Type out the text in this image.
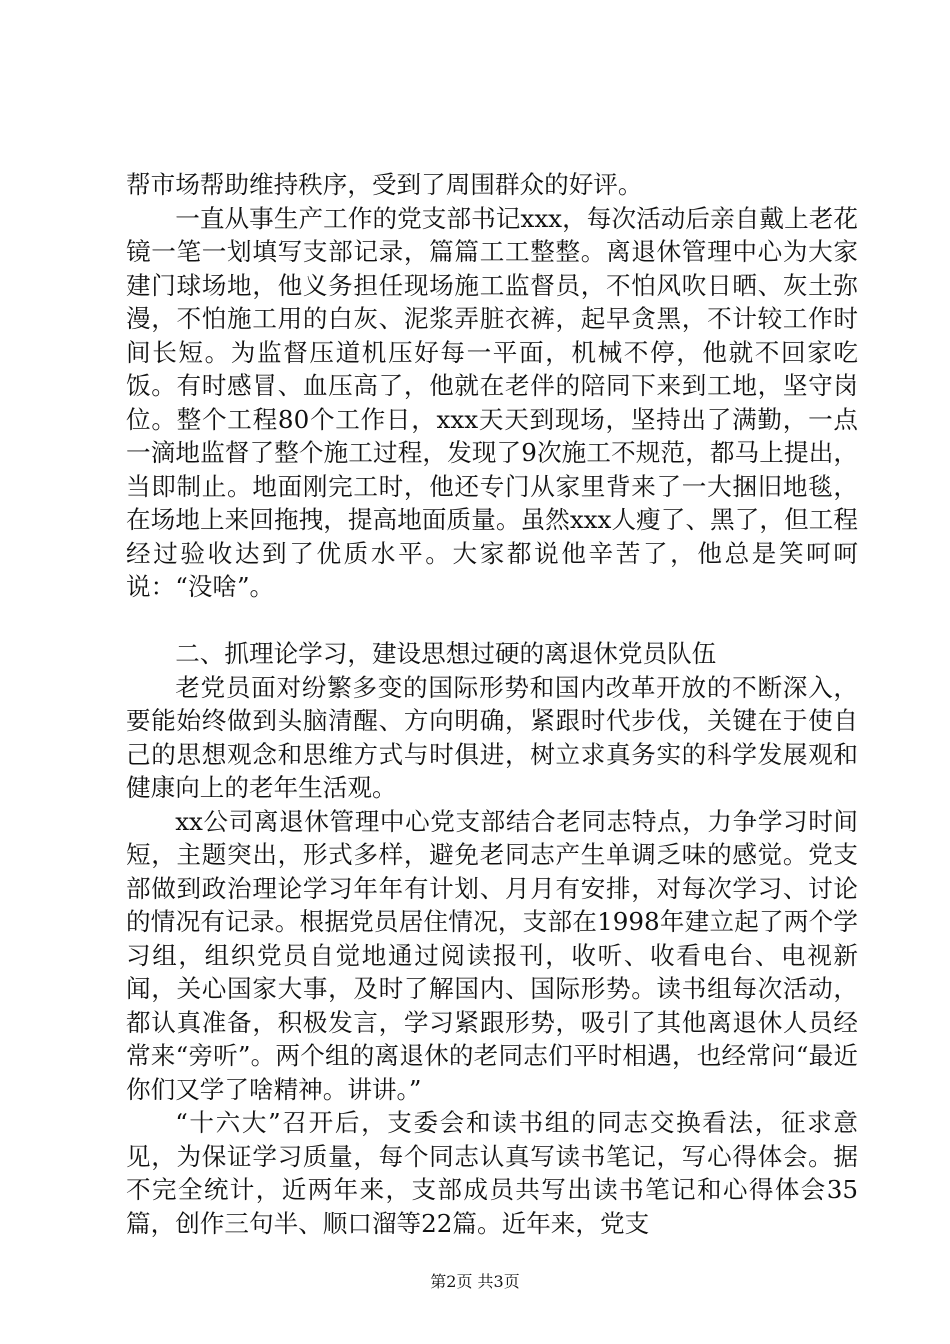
帮市场帮助维持秩序，受到了周围群众的好评。

一直从事生产工作的党支部书记xxx，每次活动后亲自戴上老花镜一笔一划填写支部记录，篇篇工工整整。离退休管理中心为大家建门球场地，他义务担任现场施工监督员，不怕风吹日晒、灰土弥漫，不怕施工用的白灰、泥浆弄脏衣裤，起早贪黑，不计较工作时间长短。为监督压道机压好每一平面，机械不停，他就不回家吃饭。有时感冒、血压高了，他就在老伴的陪同下来到工地，坚守岗位。整个工程80个工作日，xxx天天到现场，坚持出了满勤，一点一滴地监督了整个施工过程，发现了9次施工不规范，都马上提出，当即制止。地面刚完工时，他还专门从家里背来了一大捆旧地毯，在场地上来回拖拽，提高地面质量。虽然xxx人瘦了、黑了，但工程经过验收达到了优质水平。大家都说他辛苦了，他总是笑呵呵说：“没啥”。

二、抓理论学习，建设思想过硬的离退休党员队伍

老党员面对纷繁多变的国际形势和国内改革开放的不断深入，要能始终做到头脑清醒、方向明确，紧跟时代步伐，关键在于使自己的思想观念和思维方式与时俱进，树立求真务实的科学发展观和健康向上的老年生活观。

xx公司离退休管理中心党支部结合老同志特点，力争学习时间短，主题突出，形式多样，避免老同志产生单调乏味的感觉。党支部做到政治理论学习年年有计划、月月有安排，对每次学习、讨论的情况有记录。根据党员居住情况，支部在1998年建立起了两个学习组，组织党员自觉地通过阅读报刊，收听、收看电台、电视新闻，关心国家大事，及时了解国内、国际形势。读书组每次活动，都认真准备，积极发言，学习紧跟形势，吸引了其他离退休人员经常来“旁听”。两个组的离退休的老同志们平时相遇，也经常问“最近你们又学了啥精神。讲讲。”

“十六大”召开后，支委会和读书组的同志交换看法，征求意见，为保证学习质量，每个同志认真写读书笔记，写心得体会。据不完全统计，近两年来，支部成员共写出读书笔记和心得体会35篇，创作三句半、顺口溜等22篇。近年来，党支

第2页 共3页
